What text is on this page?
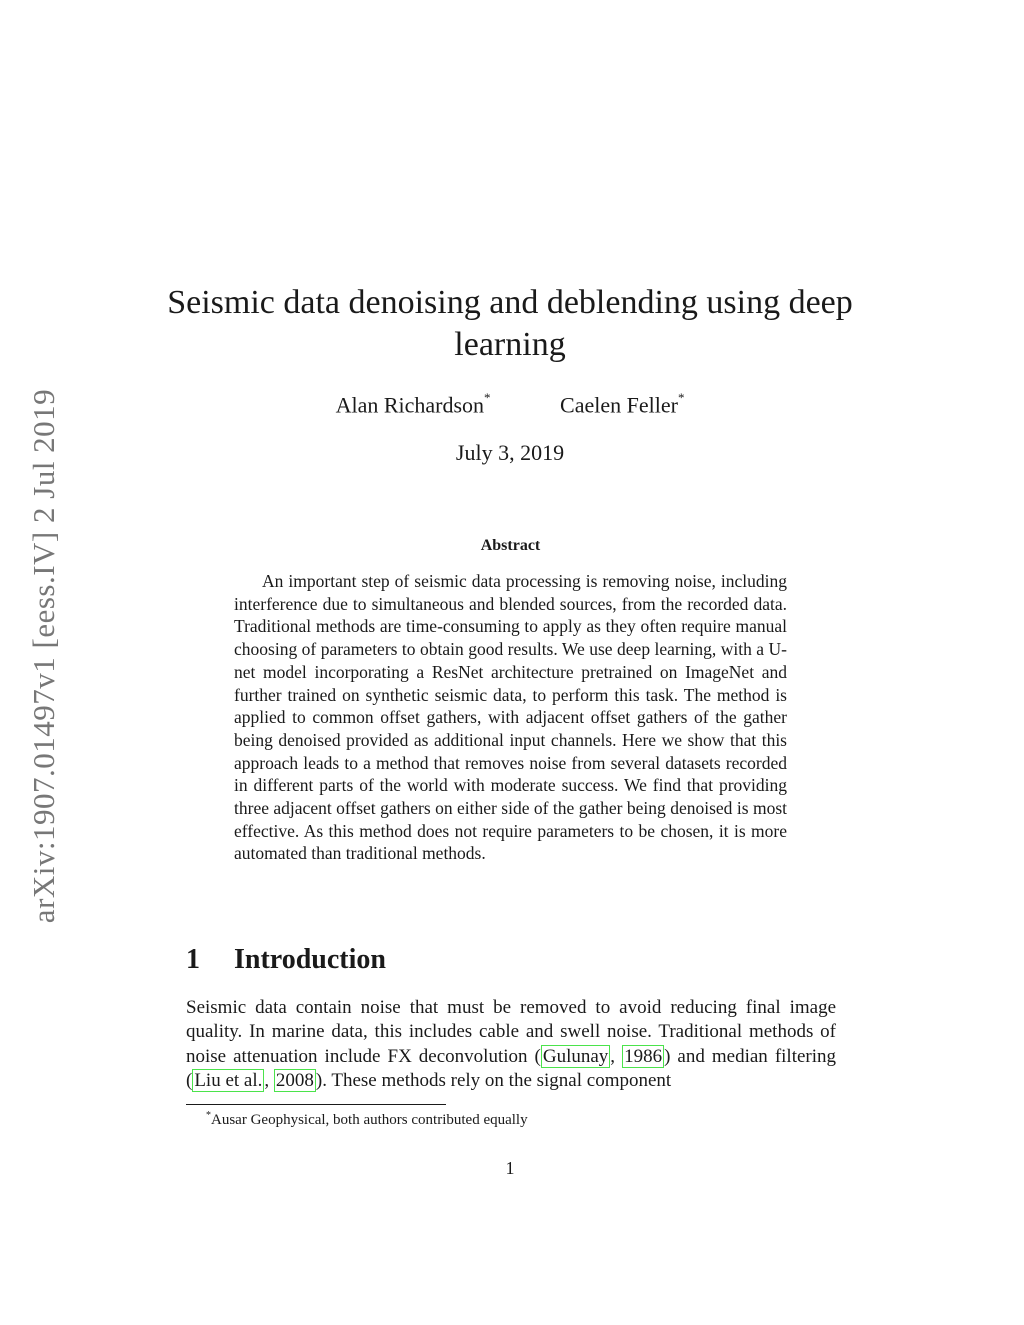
arXiv:1907.01497v1 [eess.IV] 2 Jul 2019
Seismic data denoising and deblending using deep learning
Alan Richardson*	Caelen Feller*
July 3, 2019
Abstract

An important step of seismic data processing is removing noise, including interference due to simultaneous and blended sources, from the recorded data. Traditional methods are time-consuming to apply as they often require manual choosing of parameters to obtain good results. We use deep learning, with a U-net model incorporating a ResNet architecture pretrained on ImageNet and further trained on synthetic seismic data, to perform this task. The method is applied to common offset gathers, with adjacent offset gathers of the gather being denoised provided as additional input channels. Here we show that this approach leads to a method that removes noise from several datasets recorded in different parts of the world with moderate success. We find that providing three adjacent offset gathers on either side of the gather being denoised is most effective. As this method does not require parameters to be chosen, it is more automated than traditional methods.

1 Introduction

Seismic data contain noise that must be removed to avoid reducing final image quality. In marine data, this includes cable and swell noise. Traditional methods of noise attenuation include FX deconvolution ( Gulunay , 1986 ) and median filtering ( Liu et al. , 2008 ). These methods rely on the signal component

*Ausar Geophysical, both authors contributed equally
1
